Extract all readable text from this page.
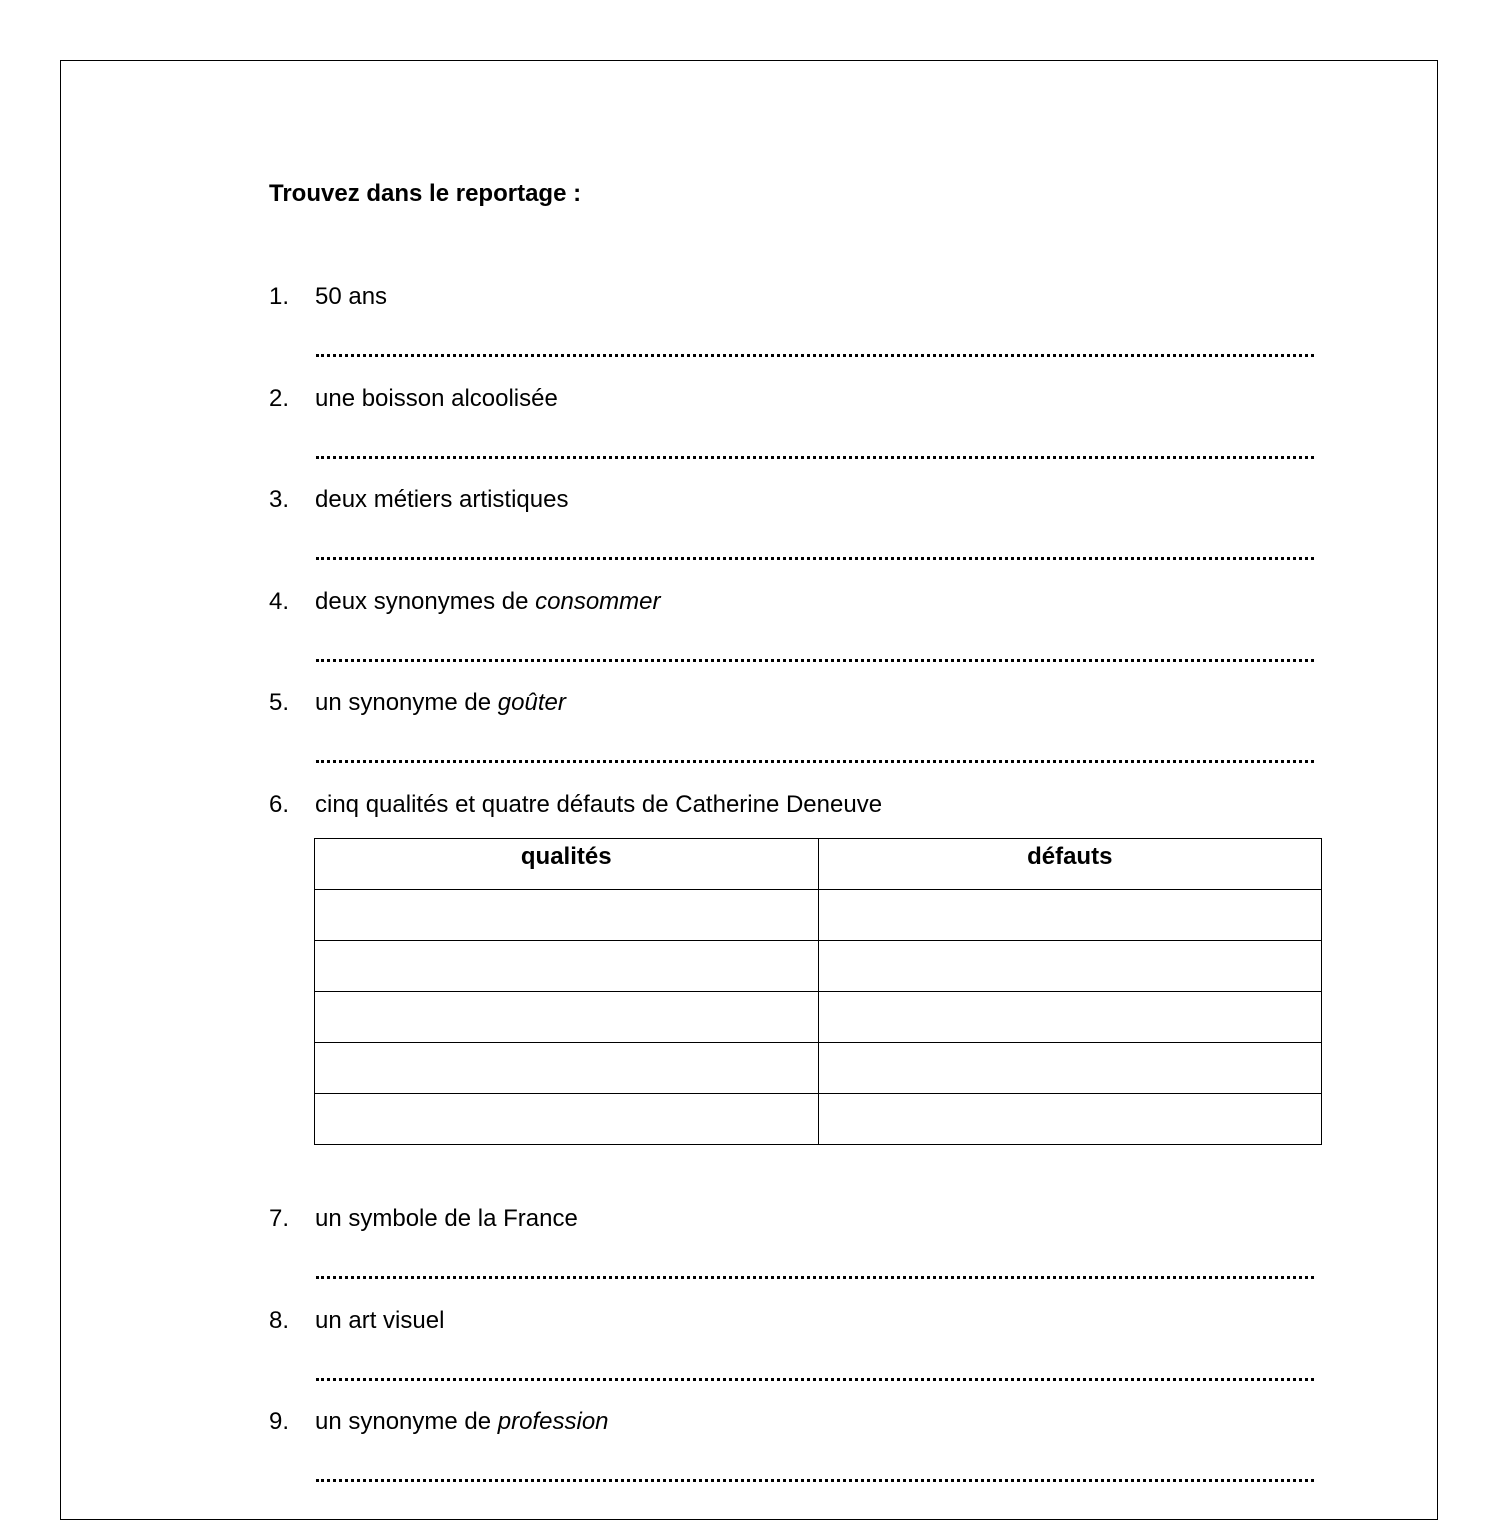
Trouvez dans le reportage :
1. 50 ans
2. une boisson alcoolisée
3. deux métiers artistiques
4. deux synonymes de consommer
5. un synonyme de goûter
6. cinq qualités et quatre défauts de Catherine Deneuve
qualités	défauts

7. un symbole de la France
8. un art visuel
9. un synonyme de profession
